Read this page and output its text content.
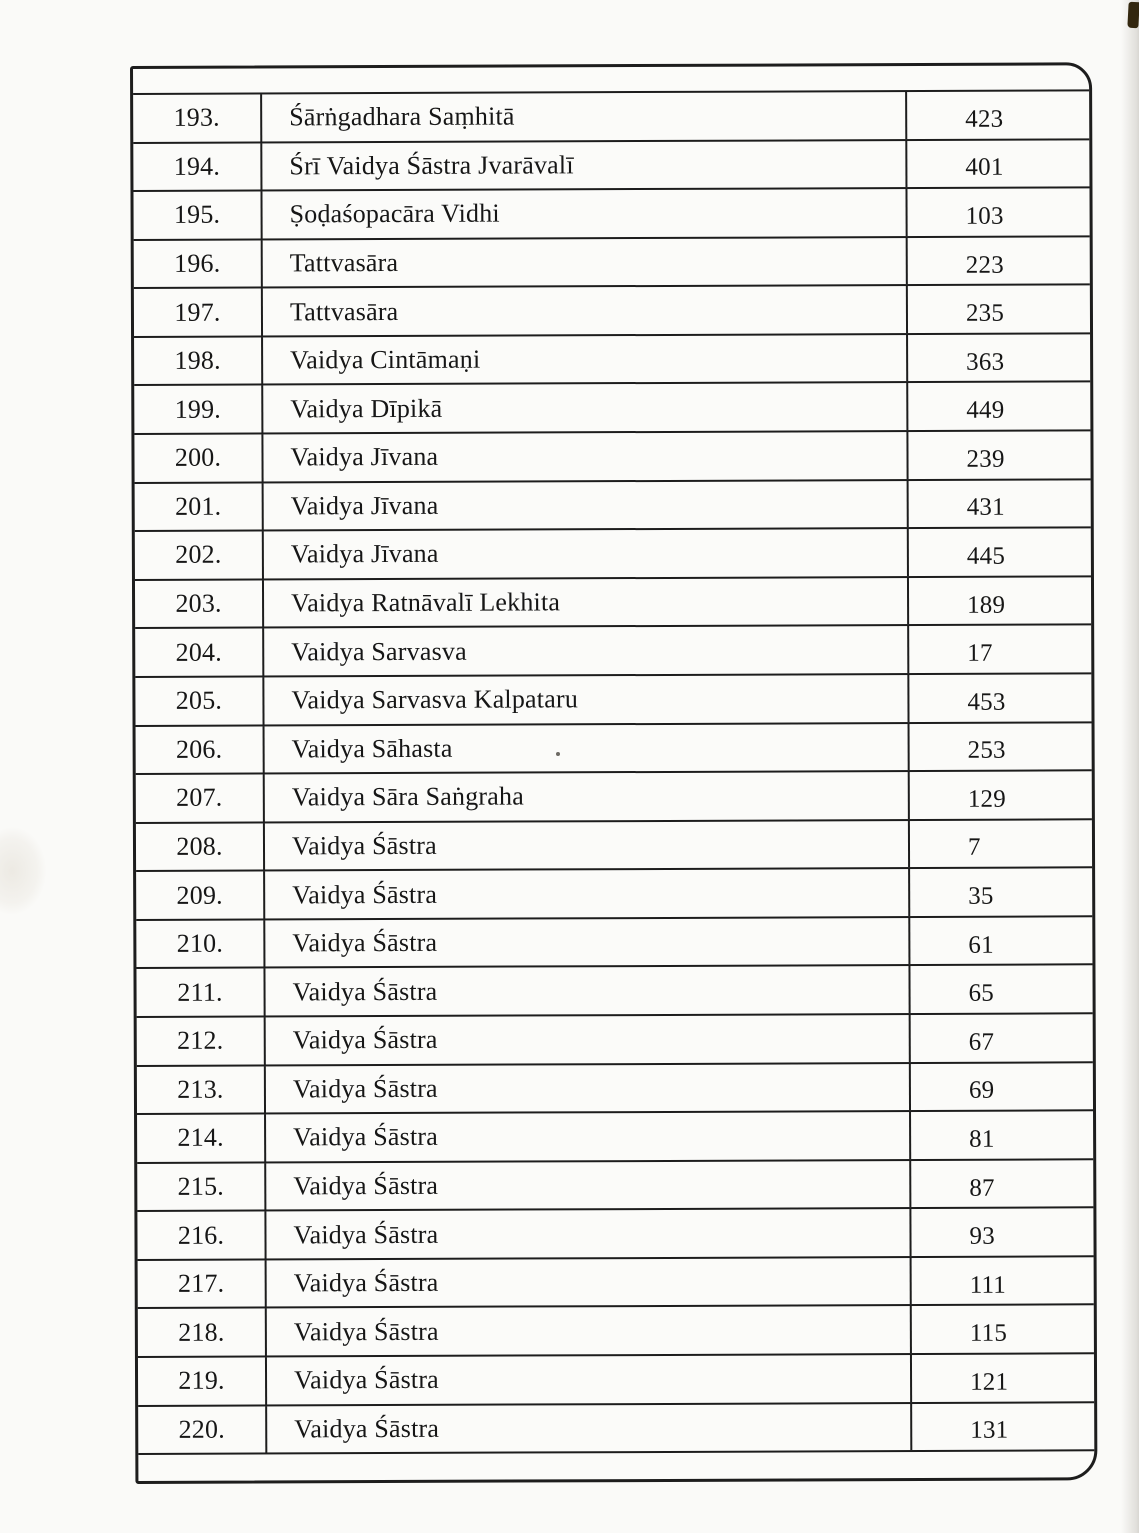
193.	Śārṅgadhara Saṃhitā	423
194.	Śrī Vaidya Śāstra Jvarāvalī	401
195.	Ṣoḍaśopacāra Vidhi	103
196.	Tattvasāra	223
197.	Tattvasāra	235
198.	Vaidya Cintāmaṇi	363
199.	Vaidya Dīpikā	449
200.	Vaidya Jīvana	239
201.	Vaidya Jīvana	431
202.	Vaidya Jīvana	445
203.	Vaidya Ratnāvalī Lekhita	189
204.	Vaidya Sarvasva	17
205.	Vaidya Sarvasva Kalpataru	453
206.	Vaidya Sāhasta	253
207.	Vaidya Sāra Saṅgraha	129
208.	Vaidya Śāstra	7
209.	Vaidya Śāstra	35
210.	Vaidya Śāstra	61
211.	Vaidya Śāstra	65
212.	Vaidya Śāstra	67
213.	Vaidya Śāstra	69
214.	Vaidya Śāstra	81
215.	Vaidya Śāstra	87
216.	Vaidya Śāstra	93
217.	Vaidya Śāstra	111
218.	Vaidya Śāstra	115
219.	Vaidya Śāstra	121
220.	Vaidya Śāstra	131
